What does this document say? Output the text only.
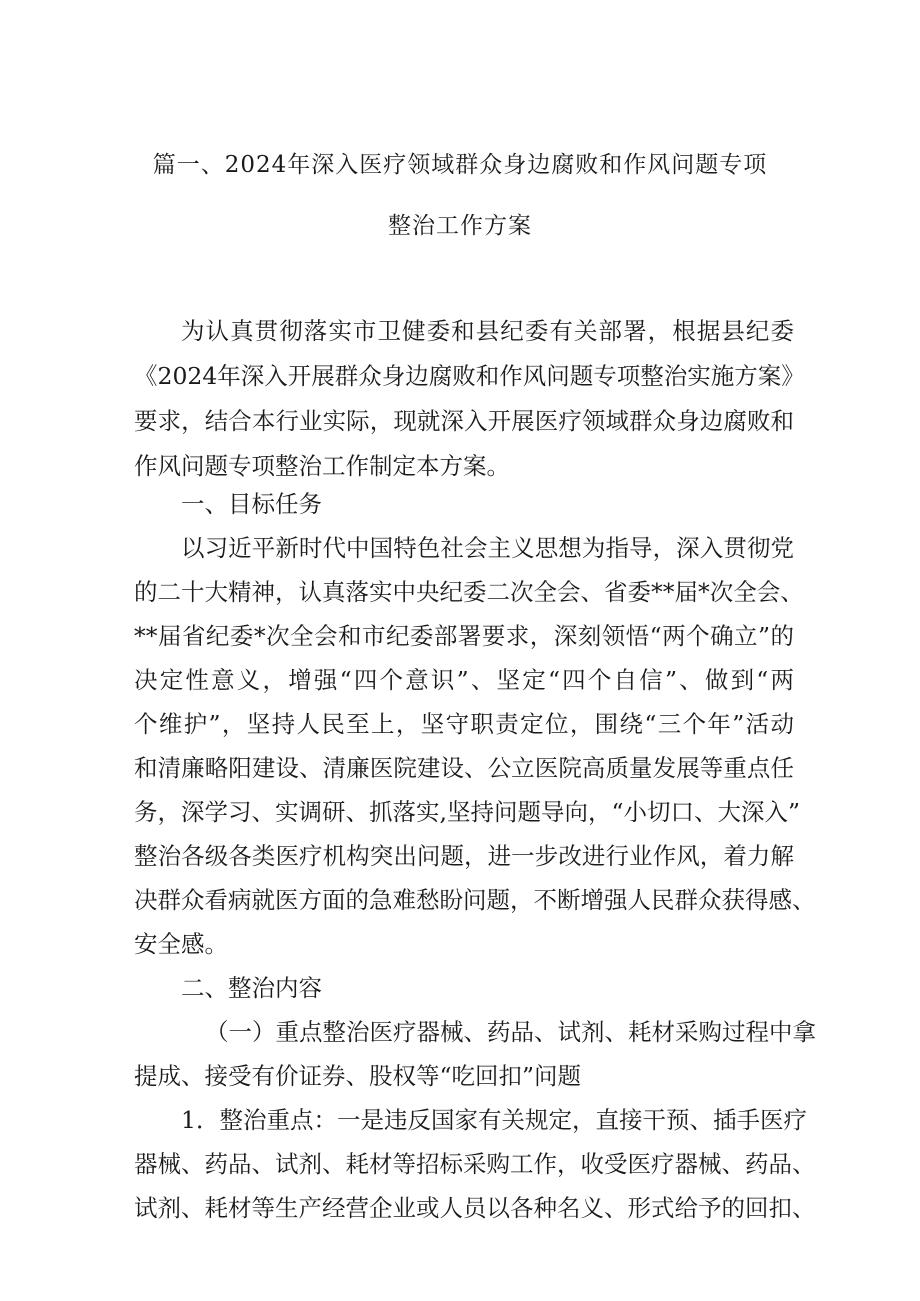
篇一、2024年深入医疗领域群众身边腐败和作风问题专项
整治工作方案
为认真贯彻落实市卫健委和县纪委有关部署，根据县纪委
《2024年深入开展群众身边腐败和作风问题专项整治实施方案》
要求，结合本行业实际，现就深入开展医疗领域群众身边腐败和
作风问题专项整治工作制定本方案。
一、目标任务
以习近平新时代中国特色社会主义思想为指导，深入贯彻党
的二十大精神，认真落实中央纪委二次全会、省委**届*次全会、
**届省纪委*次全会和市纪委部署要求，深刻领悟“两个确立”的
决定性意义，增强“四个意识”、坚定“四个自信”、做到“两
个维护”，坚持人民至上，坚守职责定位，围绕“三个年”活动
和清廉略阳建设、清廉医院建设、公立医院高质量发展等重点任
务，深学习、实调研、抓落实,坚持问题导向，“小切口、大深入”
整治各级各类医疗机构突出问题，进一步改进行业作风，着力解
决群众看病就医方面的急难愁盼问题，不断增强人民群众获得感、
安全感。
二、整治内容
（一）重点整治医疗器械、药品、试剂、耗材采购过程中拿
提成、接受有价证券、股权等“吃回扣”问题
1．整治重点：一是违反国家有关规定，直接干预、插手医疗
器械、药品、试剂、耗材等招标采购工作，收受医疗器械、药品、
试剂、耗材等生产经营企业或人员以各种名义、形式给予的回扣、
